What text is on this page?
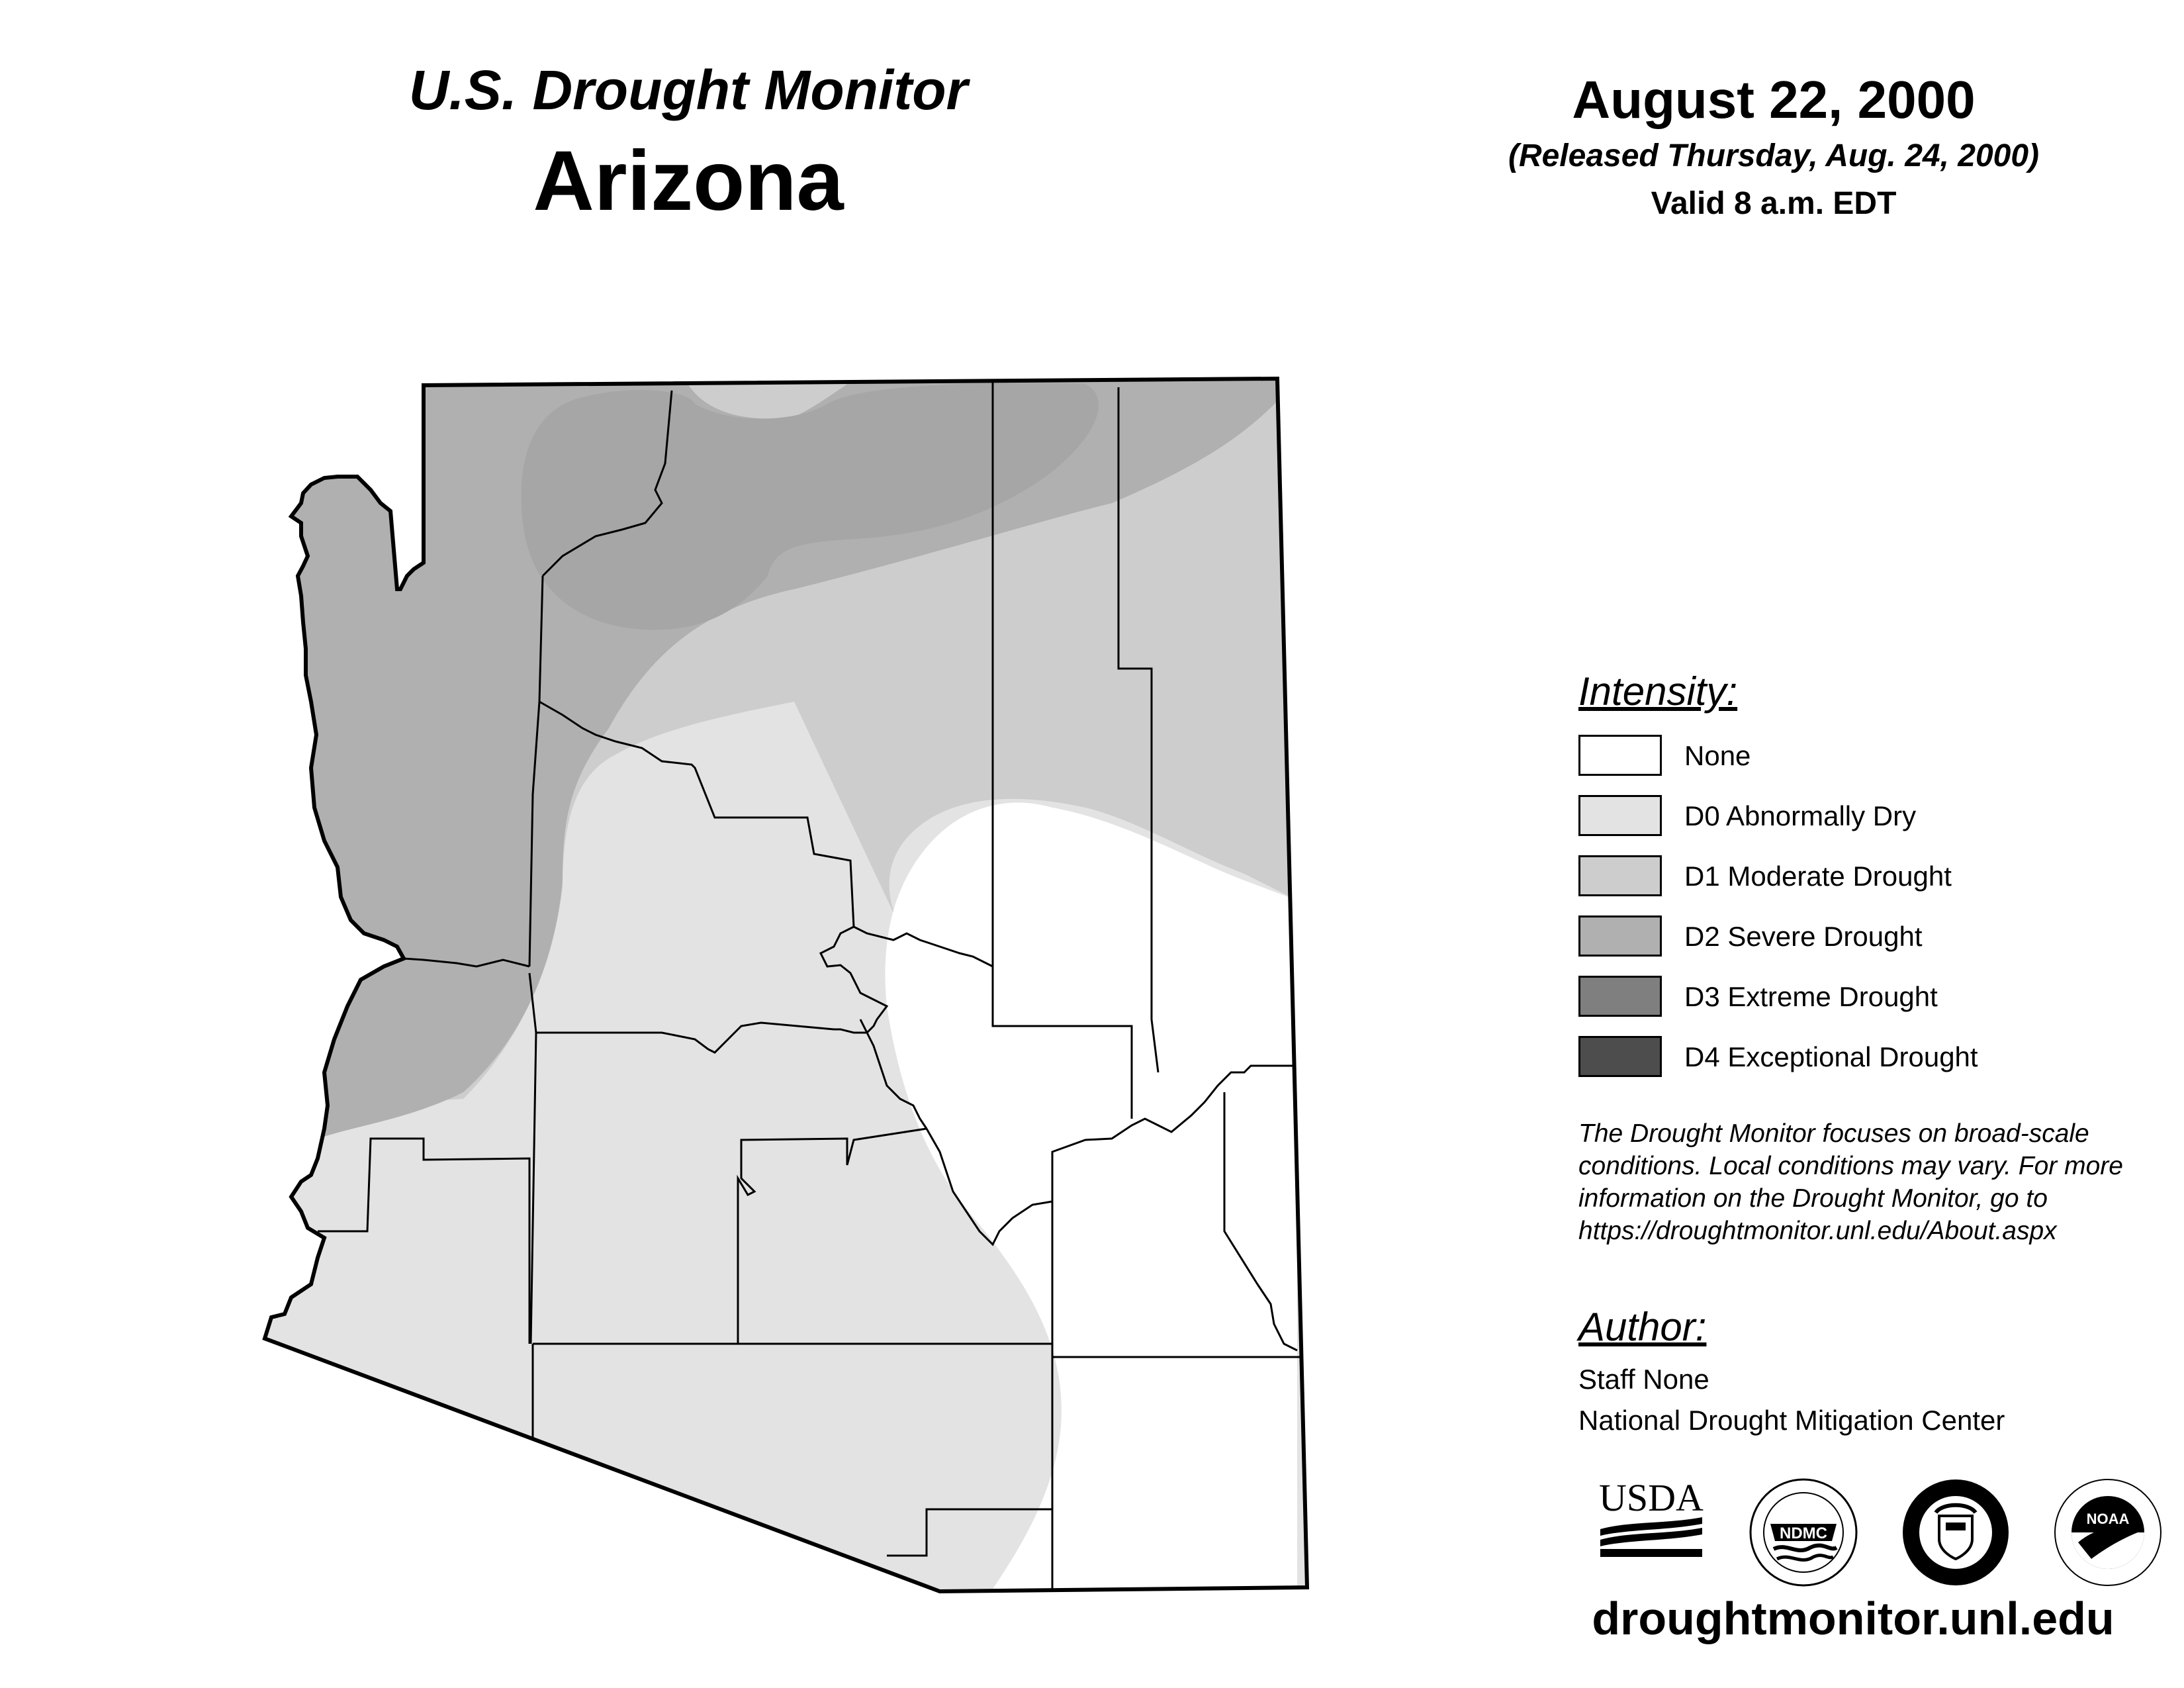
U.S. Drought Monitor
Arizona
August 22, 2000
(Released Thursday, Aug. 24, 2000)
Valid 8 a.m. EDT
Intensity:
None
D0 Abnormally Dry
D1 Moderate Drought
D2 Severe Drought
D3 Extreme Drought
D4 Exceptional Drought
The Drought Monitor focuses on broad-scale
conditions. Local conditions may vary. For more
information on the Drought Monitor, go to
https://droughtmonitor.unl.edu/About.aspx
Author:
Staff None
National Drought Mitigation Center
USDA
NDMC
NOAA
droughtmonitor.unl.edu
